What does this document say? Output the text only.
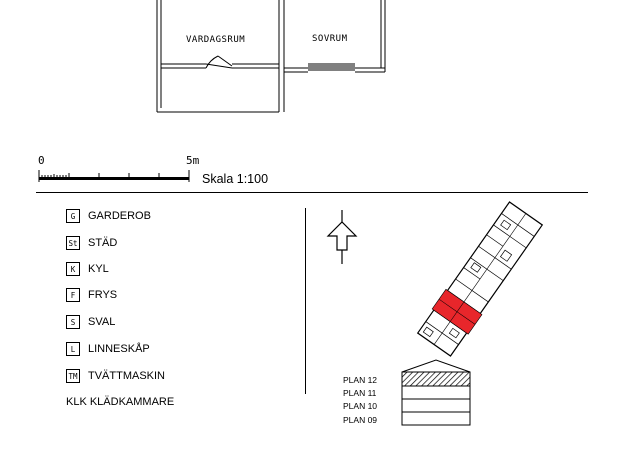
VARDAGSRUM	SOVRUM
0	5m
Skala 1:100
G	GARDEROB
St STÄD
K	KYL
F	FRYS
S	SVAL
L	LINNESKÅP
TM TVÄTTMASKIN
KLK KLÄDKAMMARE
PLAN 12
PLAN 11
PLAN 10
PLAN 09
